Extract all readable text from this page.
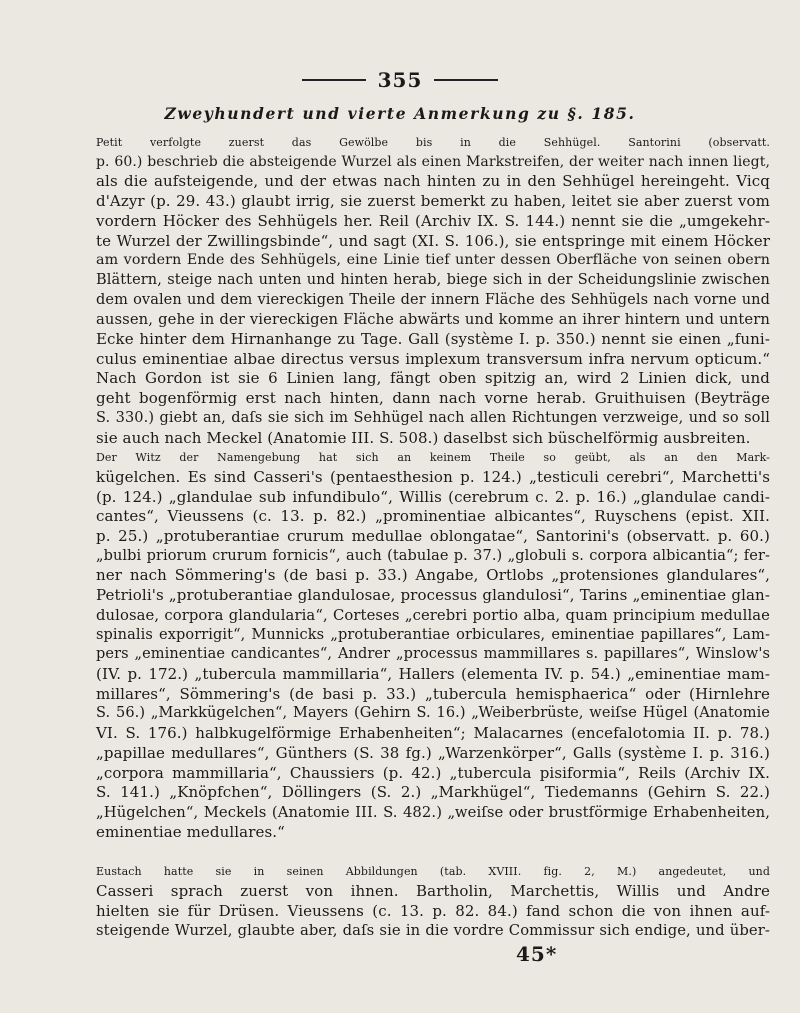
355
Zweyhundert und vierte Anmerkung zu §. 185.

Petit verfolgte zuerst das Gewölbe bis in die Sehhügel. Santorini (observatt.
p. 60.) beschrieb die absteigende Wurzel als einen Markstreifen, der weiter nach innen liegt,
als die aufsteigende, und der etwas nach hinten zu in den Sehhügel hereingeht. Vicq
d'Azyr (p. 29. 43.) glaubt irrig, sie zuerst bemerkt zu haben, leitet sie aber zuerst vom
vordern Höcker des Sehhügels her. Reil (Archiv IX. S. 144.) nennt sie die „umgekehr-
te Wurzel der Zwillingsbinde“, und sagt (XI. S. 106.), sie entspringe mit einem Höcker
am vordern Ende des Sehhügels, eine Linie tief unter dessen Oberfläche von seinen obern
Blättern, steige nach unten und hinten herab, biege sich in der Scheidungslinie zwischen
dem ovalen und dem viereckigen Theile der innern Fläche des Sehhügels nach vorne und
aussen, gehe in der viereckigen Fläche abwärts und komme an ihrer hintern und untern
Ecke hinter dem Hirnanhange zu Tage. Gall (système I. p. 350.) nennt sie einen „funi-
culus eminentiae albae directus versus implexum transversum infra nervum opticum.“
Nach Gordon ist sie 6 Linien lang, fängt oben spitzig an, wird 2 Linien dick, und
geht bogenförmig erst nach hinten, dann nach vorne herab. Gruithuisen (Beyträge
S. 330.) giebt an, daſs sie sich im Sehhügel nach allen Richtungen verzweige, und so soll
sie auch nach Meckel (Anatomie III. S. 508.) daselbst sich büschelförmig ausbreiten.

Der Witz der Namengebung hat sich an keinem Theile so geübt, als an den Mark-
kügelchen. Es sind Casseri's (pentaesthesion p. 124.) „testiculi cerebri“, Marchetti's
(p. 124.) „glandulae sub infundibulo“, Willis (cerebrum c. 2. p. 16.) „glandulae candi-
cantes“, Vieussens (c. 13. p. 82.) „prominentiae albicantes“, Ruyschens (epist. XII.
p. 25.) „protuberantiae crurum medullae oblongatae“, Santorini's (observatt. p. 60.)
„bulbi priorum crurum fornicis“, auch (tabulae p. 37.) „globuli s. corpora albicantia“; fer-
ner nach Sömmering's (de basi p. 33.) Angabe, Ortlobs „protensiones glandulares“,
Petrioli's „protuberantiae glandulosae, processus glandulosi“, Tarins „eminentiae glan-
dulosae, corpora glandularia“, Corteses „cerebri portio alba, quam principium medullae
spinalis exporrigit“, Munnicks „protuberantiae orbiculares, eminentiae papillares“, Lam-
pers „eminentiae candicantes“, Andrer „processus mammillares s. papillares“, Winslow's
(IV. p. 172.) „tubercula mammillaria“, Hallers (elementa IV. p. 54.) „eminentiae mam-
millares“, Sömmering's (de basi p. 33.) „tubercula hemisphaerica“ oder (Hirnlehre
S. 56.) „Markkügelchen“, Mayers (Gehirn S. 16.) „Weiberbrüste, weiſse Hügel (Anatomie
VI. S. 176.) halbkugelförmige Erhabenheiten“; Malacarnes (encefalotomia II. p. 78.)
„papillae medullares“, Günthers (S. 38 fg.) „Warzenkörper“, Galls (système I. p. 316.)
„corpora mammillaria“, Chaussiers (p. 42.) „tubercula pisiformia“, Reils (Archiv IX.
S. 141.) „Knöpfchen“, Döllingers (S. 2.) „Markhügel“, Tiedemanns (Gehirn S. 22.)
„Hügelchen“, Meckels (Anatomie III. S. 482.) „weiſse oder brustförmige Erhabenheiten,
eminentiae medullares.“

Eustach hatte sie in seinen Abbildungen (tab. XVIII. fig. 2, M.) angedeutet, und
Casseri sprach zuerst von ihnen. Bartholin, Marchettis, Willis und Andre
hielten sie für Drüsen. Vieussens (c. 13. p. 82. 84.) fand schon die von ihnen auf-
steigende Wurzel, glaubte aber, daſs sie in die vordre Commissur sich endige, und über-

45*
